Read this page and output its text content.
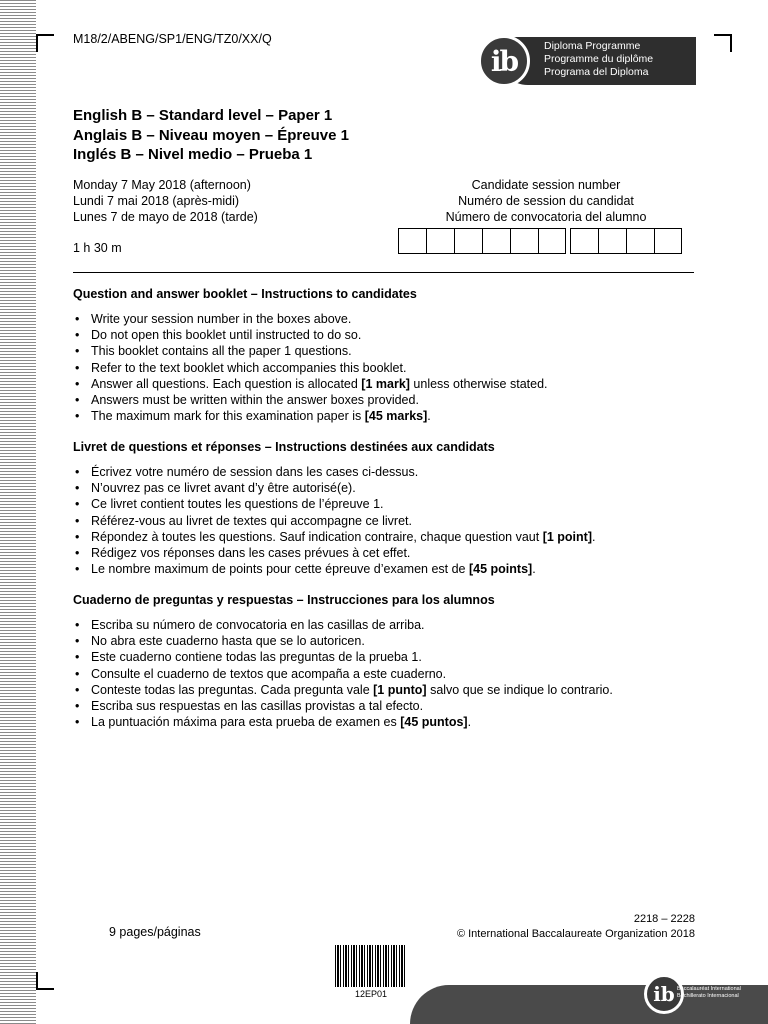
M18/2/ABENG/SP1/ENG/TZ0/XX/Q
ib	Diploma Programme
Programme du diplôme
Programa del Diploma
English B – Standard level – Paper 1
Anglais B – Niveau moyen – Épreuve 1
Inglés B – Nivel medio – Prueba 1
Monday 7 May 2018 (afternoon)
Lundi 7 mai 2018 (après-midi)
Lunes 7 de mayo de 2018 (tarde)
1 h 30 m
Candidate session number
Numéro de session du candidat
Número de convocatoria del alumno
Question and answer booklet – Instructions to candidates
• Write your session number in the boxes above.
• Do not open this booklet until instructed to do so.
• This booklet contains all the paper 1 questions.
• Refer to the text booklet which accompanies this booklet.
• Answer all questions. Each question is allocated [1 mark] unless otherwise stated.
• Answers must be written within the answer boxes provided.
• The maximum mark for this examination paper is [45 marks].
Livret de questions et réponses – Instructions destinées aux candidats
• Écrivez votre numéro de session dans les cases ci-dessus.
• N’ouvrez pas ce livret avant d’y être autorisé(e).
• Ce livret contient toutes les questions de l’épreuve 1.
• Référez-vous au livret de textes qui accompagne ce livret.
• Répondez à toutes les questions. Sauf indication contraire, chaque question vaut [1 point].
• Rédigez vos réponses dans les cases prévues à cet effet.
• Le nombre maximum de points pour cette épreuve d’examen est de [45 points].
Cuaderno de preguntas y respuestas – Instrucciones para los alumnos
• Escriba su número de convocatoria en las casillas de arriba.
• No abra este cuaderno hasta que se lo autoricen.
• Este cuaderno contiene todas las preguntas de la prueba 1.
• Consulte el cuaderno de textos que acompaña a este cuaderno.
• Conteste todas las preguntas. Cada pregunta vale [1 punto] salvo que se indique lo contrario.
• Escriba sus respuestas en las casillas provistas a tal efecto.
• La puntuación máxima para esta prueba de examen es [45 puntos].
9 pages/páginas
2218 – 2228
© International Baccalaureate Organization 2018
12EP01	ib International Baccalaureate®
Baccalauréat International
Bachillerato Internacional
